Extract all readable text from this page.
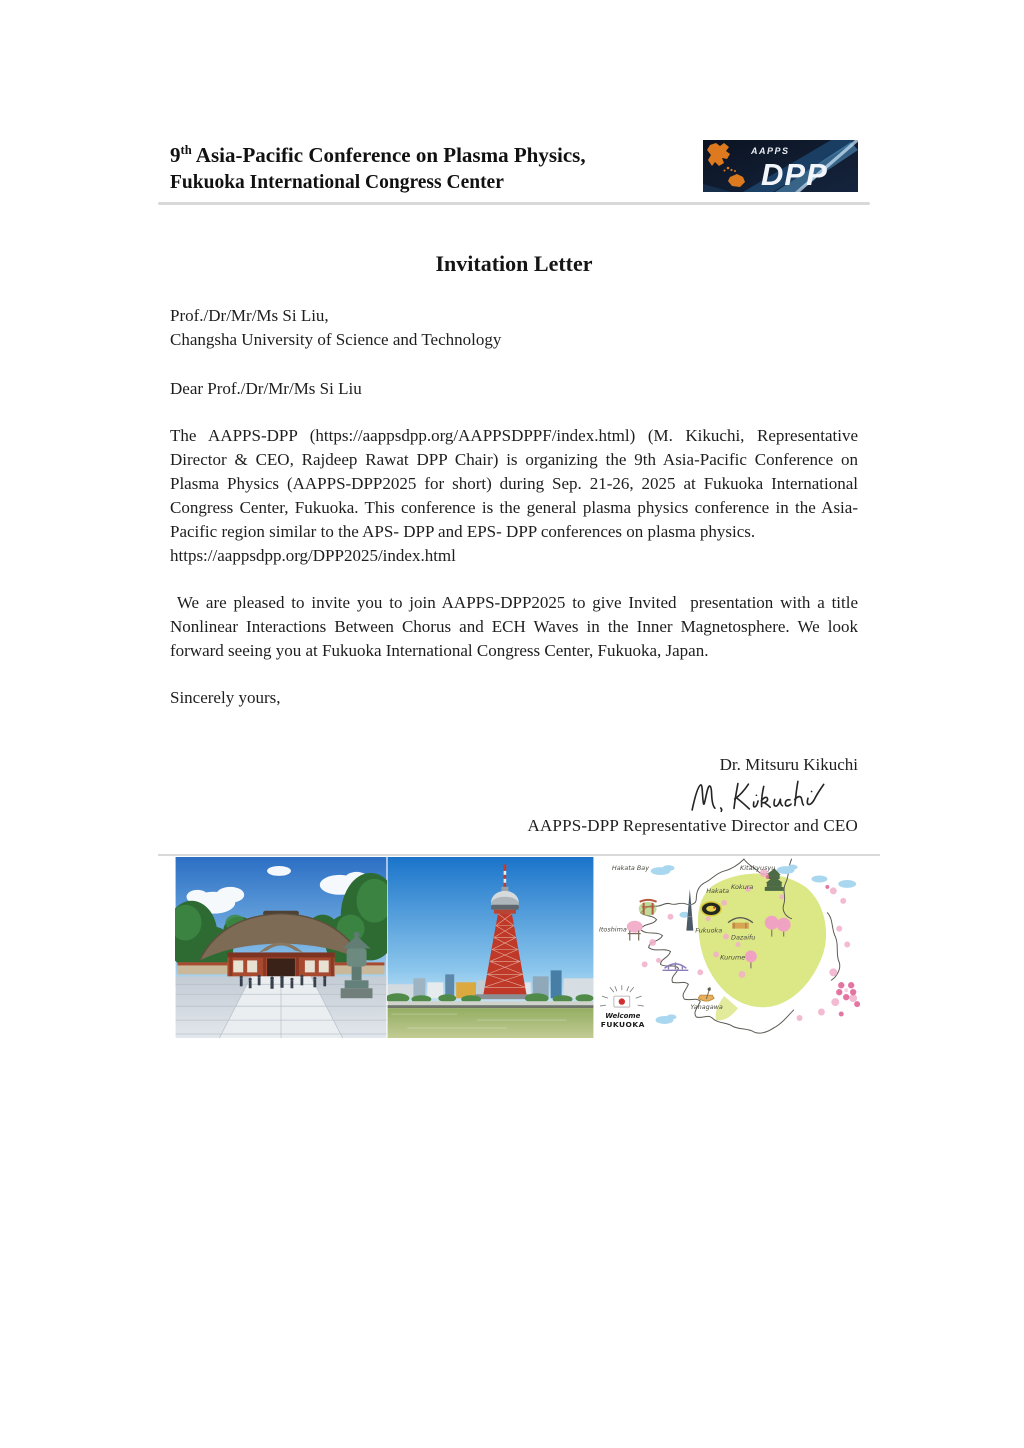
9th Asia-Pacific Conference on Plasma Physics,
Fukuoka International Congress Center
AAPPS
DPP
Invitation Letter
Prof./Dr/Mr/Ms Si Liu,
Changsha University of Science and Technology
Dear Prof./Dr/Mr/Ms Si Liu

The AAPPS-DPP (https://aappsdpp.org/AAPPSDPPF/index.html) (M. Kikuchi, Representative Director & CEO, Rajdeep Rawat DPP Chair) is organizing the 9th Asia-Pacific Conference on Plasma Physics (AAPPS-DPP2025 for short) during Sep. 21-26, 2025 at Fukuoka International Congress Center, Fukuoka. This conference is the general plasma physics conference in the Asia-Pacific region similar to the APS- DPP and EPS- DPP conferences on plasma physics.
https://aappsdpp.org/DPP2025/index.html

We are pleased to invite you to join AAPPS-DPP2025 to give Invited  presentation with a title Nonlinear Interactions Between Chorus and ECH Waves in the Inner Magnetosphere. We look forward seeing you at Fukuoka International Congress Center, Fukuoka, Japan.

Sincerely yours,
Dr. Mitsuru Kikuchi
AAPPS-DPP Representative Director and CEO
Hakata Bay	Kitakyusyu
Kokura
Hakata
Itoshima	Fukuoka
Dazaifu
Kurume
Yanagawa
Welcome
FUKUOKA
